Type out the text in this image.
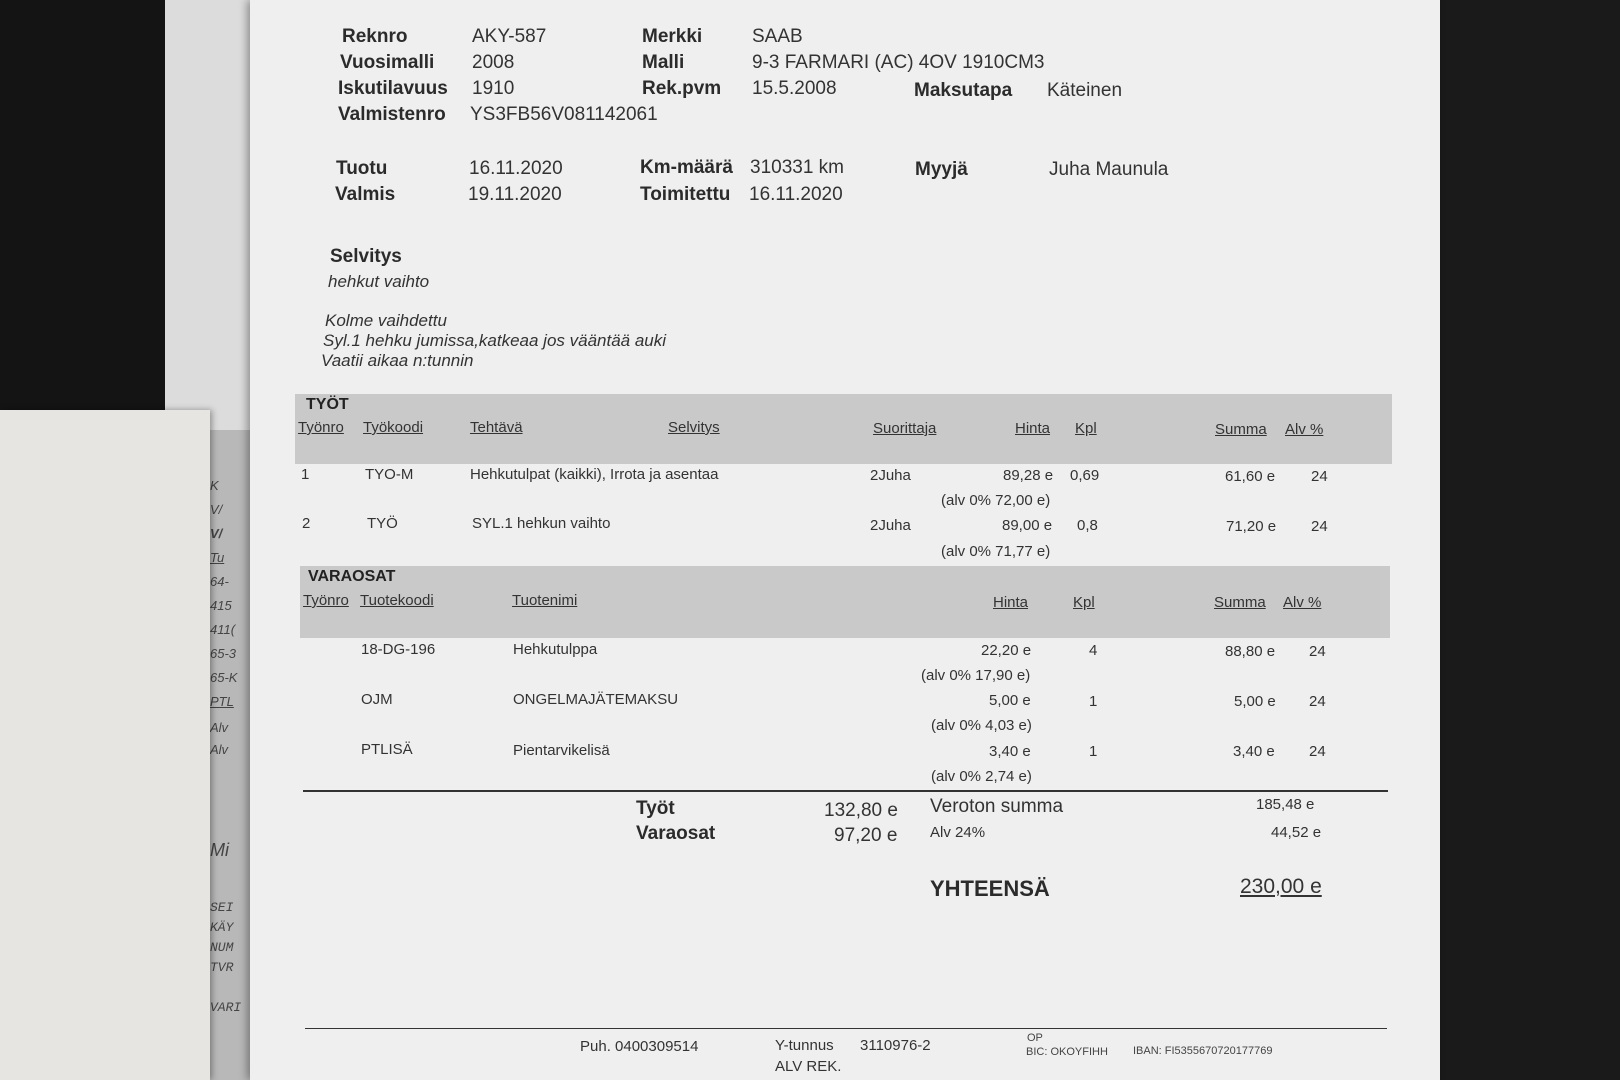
K
V/
V/
Tu
64-
415
411(
65-3
65-K
PTL
Alv
Alv
Mi
SEI
KÄY
NUM
TVR
VARI
Reknro	AKY-587	Merkki	SAAB
Vuosimalli 2008	Malli	9-3 FARMARI (AC) 4OV 1910CM3
Iskutilavuus 1910	Rek.pvm 15.5.2008	Maksutapa Käteinen
Valmistenro YS3FB56V081142061
Tuotu	16.11.2020	Km-määrä 310331 km	Myyjä	Juha Maunula
Valmis	19.11.2020	Toimitettu 16.11.2020
Selvitys
hehkut vaihto
Kolme vaihdettu
Syl.1 hehku jumissa,katkeaa jos vääntää auki
Vaatii aikaa n:tunnin
TYÖT
Työnro Työkoodi	Tehtävä	Selvitys	Suorittaja	Hinta Kpl	Summa Alv %
1	TYO-M	Hehkutulpat (kaikki), Irrota ja asentaa	2Juha	89,28 e 0,69	61,60 e 24
(alv 0% 72,00 e)
2	TYÖ	SYL.1 hehkun vaihto	2Juha	89,00 e 0,8	71,20 e 24
(alv 0% 71,77 e)
VARAOSAT
Työnro Tuotekoodi	Tuotenimi	Hinta	Kpl	Summa Alv %
18-DG-196	Hehkutulppa	22,20 e	4	88,80 e 24
(alv 0% 17,90 e)
OJM	ONGELMAJÄTEMAKSU	5,00 e	1	5,00 e 24
(alv 0% 4,03 e)
PTLISÄ	Pientarvikelisä	3,40 e	1	3,40 e 24
(alv 0% 2,74 e)
Työt	132,80 e
Varaosat	97,20 e
Veroton summa	185,48 e
Alv 24%	44,52 e
YHTEENSÄ	230,00 e
Puh. 0400309514	Y-tunnus 3110976-2
ALV REK.
OP
BIC: OKOYFIHH IBAN: FI5355670720177769
